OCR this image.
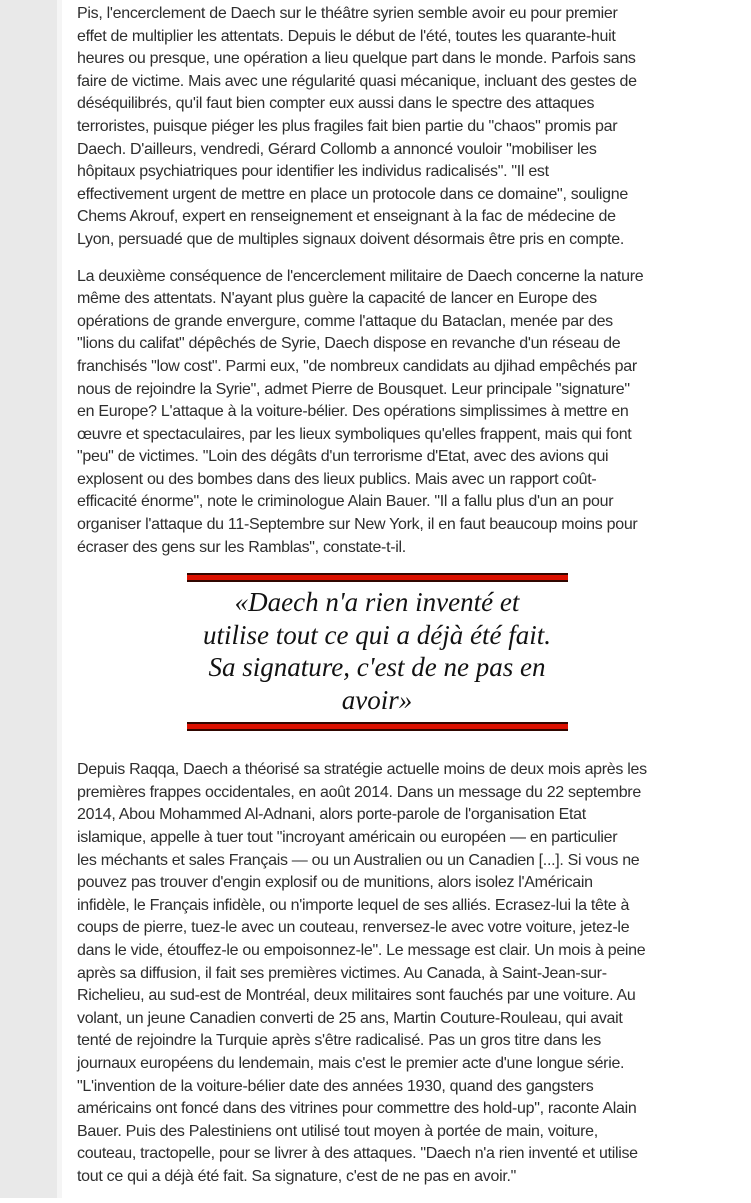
Pis, l'encerclement de Daech sur le théâtre syrien semble avoir eu pour premier
effet de multiplier les attentats. Depuis le début de l'été, toutes les quarante-huit
heures ou presque, une opération a lieu quelque part dans le monde. Parfois sans
faire de victime. Mais avec une régularité quasi mécanique, incluant des gestes de
déséquilibrés, qu'il faut bien compter eux aussi dans le spectre des attaques
terroristes, puisque piéger les plus fragiles fait bien partie du "chaos" promis par
Daech. D'ailleurs, vendredi, Gérard Collomb a annoncé vouloir "mobiliser les
hôpitaux psychiatriques pour identifier les individus radicalisés". "Il est
effectivement urgent de mettre en place un protocole dans ce domaine", souligne
Chems Akrouf, expert en renseignement et enseignant à la fac de médecine de
Lyon, persuadé que de multiples signaux doivent désormais être pris en compte.
La deuxième conséquence de l'encerclement militaire de Daech concerne la nature
même des attentats. N'ayant plus guère la capacité de lancer en Europe des
opérations de grande envergure, comme l'attaque du Bataclan, menée par des
"lions du califat" dépêchés de Syrie, Daech dispose en revanche d'un réseau de
franchisés "low cost". Parmi eux, "de nombreux candidats au djihad empêchés par
nous de rejoindre la Syrie", admet Pierre de Bousquet. Leur principale "signature"
en Europe? L'attaque à la voiture-bélier. Des opérations simplissimes à mettre en
œuvre et spectaculaires, par les lieux symboliques qu'elles frappent, mais qui font
"peu" de victimes. "Loin des dégâts d'un terrorisme d'Etat, avec des avions qui
explosent ou des bombes dans des lieux publics. Mais avec un rapport coût-
efficacité énorme", note le criminologue Alain Bauer. "Il a fallu plus d'un an pour
organiser l'attaque du 11-Septembre sur New York, il en faut beaucoup moins pour
écraser des gens sur les Ramblas", constate-t-il.
«Daech n'a rien inventé et
utilise tout ce qui a déjà été fait.
Sa signature, c'est de ne pas en
avoir»
Depuis Raqqa, Daech a théorisé sa stratégie actuelle moins de deux mois après les
premières frappes occidentales, en août 2014. Dans un message du 22 septembre
2014, Abou Mohammed Al-Adnani, alors porte-parole de l'organisation Etat
islamique, appelle à tuer tout "incroyant américain ou européen — en particulier
les méchants et sales Français — ou un Australien ou un Canadien [...]. Si vous ne
pouvez pas trouver d'engin explosif ou de munitions, alors isolez l'Américain
infidèle, le Français infidèle, ou n'importe lequel de ses alliés. Ecrasez-lui la tête à
coups de pierre, tuez-le avec un couteau, renversez-le avec votre voiture, jetez-le
dans le vide, étouffez-le ou empoisonnez-le". Le message est clair. Un mois à peine
après sa diffusion, il fait ses premières victimes. Au Canada, à Saint-Jean-sur-
Richelieu, au sud-est de Montréal, deux militaires sont fauchés par une voiture. Au
volant, un jeune Canadien converti de 25 ans, Martin Couture-Rouleau, qui avait
tenté de rejoindre la Turquie après s'être radicalisé. Pas un gros titre dans les
journaux européens du lendemain, mais c'est le premier acte d'une longue série.
"L'invention de la voiture-bélier date des années 1930, quand des gangsters
américains ont foncé dans des vitrines pour commettre des hold-up", raconte Alain
Bauer. Puis des Palestiniens ont utilisé tout moyen à portée de main, voiture,
couteau, tractopelle, pour se livrer à des attaques. "Daech n'a rien inventé et utilise
tout ce qui a déjà été fait. Sa signature, c'est de ne pas en avoir."
